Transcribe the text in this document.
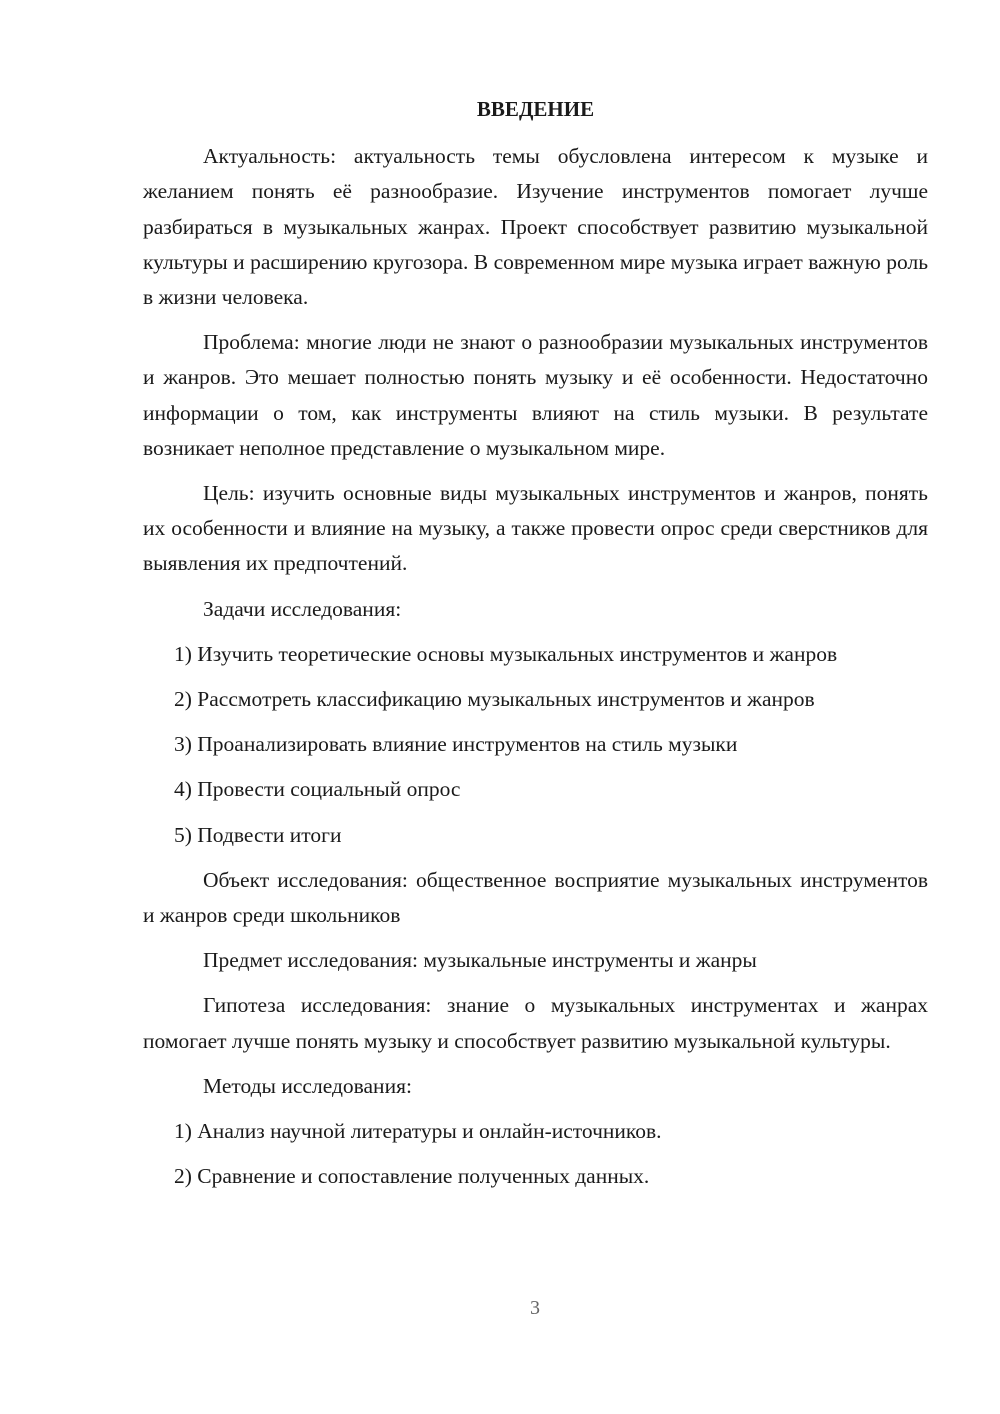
ВВЕДЕНИЕ

Актуальность: актуальность темы обусловлена интересом к музыке и желанием понять её разнообразие. Изучение инструментов помогает лучше разбираться в музыкальных жанрах. Проект способствует развитию музыкальной культуры и расширению кругозора. В современном мире музыка играет важную роль в жизни человека.

Проблема: многие люди не знают о разнообразии музыкальных инструментов и жанров. Это мешает полностью понять музыку и её особенности. Недостаточно информации о том, как инструменты влияют на стиль музыки. В результате возникает неполное представление о музыкальном мире.

Цель: изучить основные виды музыкальных инструментов и жанров, понять их особенности и влияние на музыку, а также провести опрос среди сверстников для выявления их предпочтений.

Задачи исследования:

1) Изучить теоретические основы музыкальных инструментов и жанров

2) Рассмотреть классификацию музыкальных инструментов и жанров

3) Проанализировать влияние инструментов на стиль музыки

4) Провести социальный опрос

5) Подвести итоги

Объект исследования: общественное восприятие музыкальных инструментов и жанров среди школьников

Предмет исследования: музыкальные инструменты и жанры

Гипотеза исследования: знание о музыкальных инструментах и жанрах помогает лучше понять музыку и способствует развитию музыкальной культуры.

Методы исследования:

1) Анализ научной литературы и онлайн-источников.

2) Сравнение и сопоставление полученных данных.

3
